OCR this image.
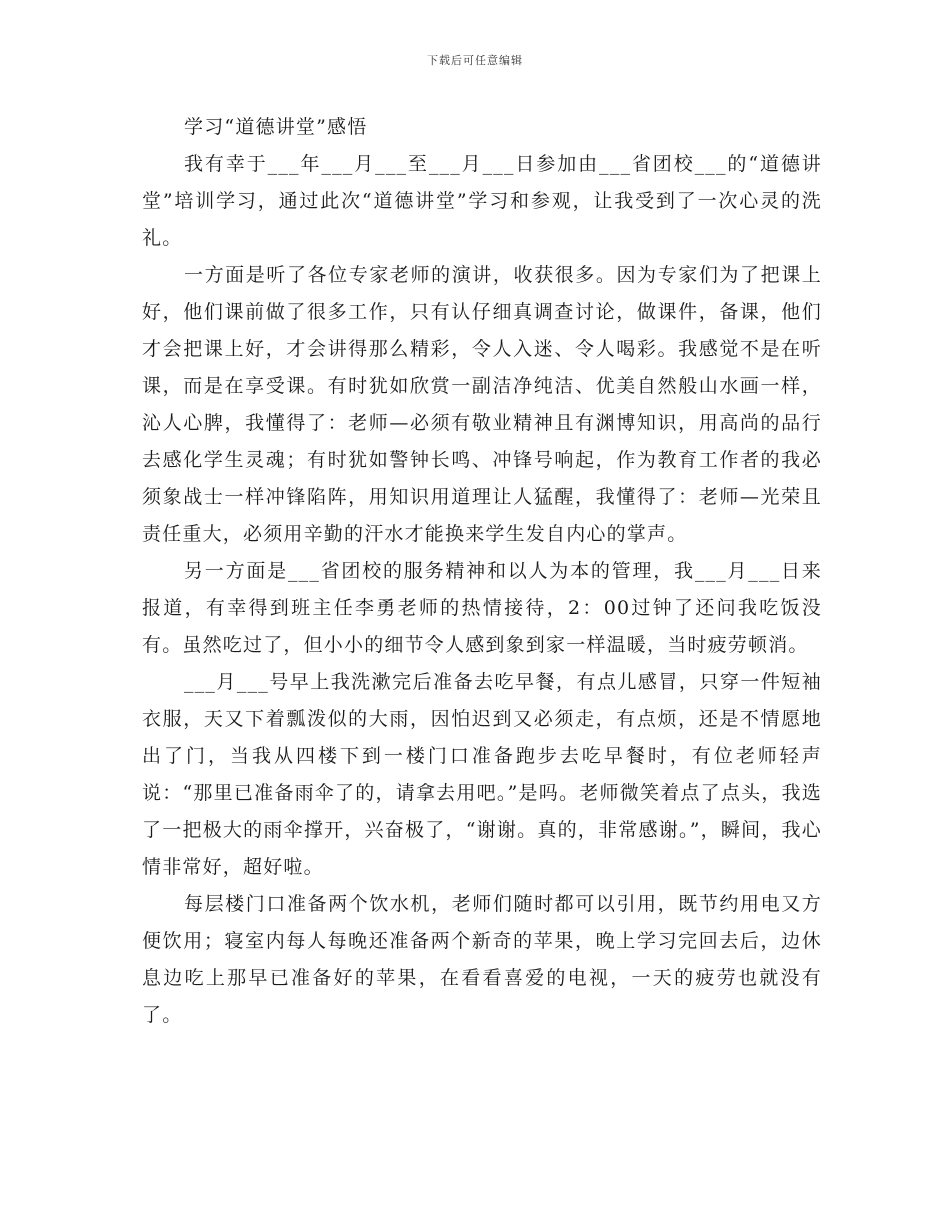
下载后可任意编辑
学习“道德讲堂”感悟

我有幸于___年___月___至___月___日参加由___省团校___的“道德讲堂”培训学习，通过此次“道德讲堂”学习和参观，让我受到了一次心灵的洗礼。

一方面是听了各位专家老师的演讲，收获很多。因为专家们为了把课上好，他们课前做了很多工作，只有认仔细真调查讨论，做课件，备课，他们才会把课上好，才会讲得那么精彩，令人入迷、令人喝彩。我感觉不是在听课，而是在享受课。有时犹如欣赏一副洁净纯洁、优美自然般山水画一样，沁人心脾，我懂得了：老师—必须有敬业精神且有渊博知识，用高尚的品行去感化学生灵魂；有时犹如警钟长鸣、冲锋号响起，作为教育工作者的我必须象战士一样冲锋陷阵，用知识用道理让人猛醒，我懂得了：老师—光荣且责任重大，必须用辛勤的汗水才能换来学生发自内心的掌声。

另一方面是___省团校的服务精神和以人为本的管理，我___月___日来报道，有幸得到班主任李勇老师的热情接待，2：00过钟了还问我吃饭没有。虽然吃过了，但小小的细节令人感到象到家一样温暖，当时疲劳顿消。

___月___号早上我洗漱完后准备去吃早餐，有点儿感冒，只穿一件短袖衣服，天又下着瓢泼似的大雨，因怕迟到又必须走，有点烦，还是不情愿地出了门，当我从四楼下到一楼门口准备跑步去吃早餐时，有位老师轻声说：“那里已准备雨伞了的，请拿去用吧。”是吗。老师微笑着点了点头，我选了一把极大的雨伞撑开，兴奋极了，“谢谢。真的，非常感谢。”，瞬间，我心情非常好，超好啦。

每层楼门口准备两个饮水机，老师们随时都可以引用，既节约用电又方便饮用；寝室内每人每晚还准备两个新奇的苹果，晚上学习完回去后，边休息边吃上那早已准备好的苹果，在看看喜爱的电视，一天的疲劳也就没有了。
